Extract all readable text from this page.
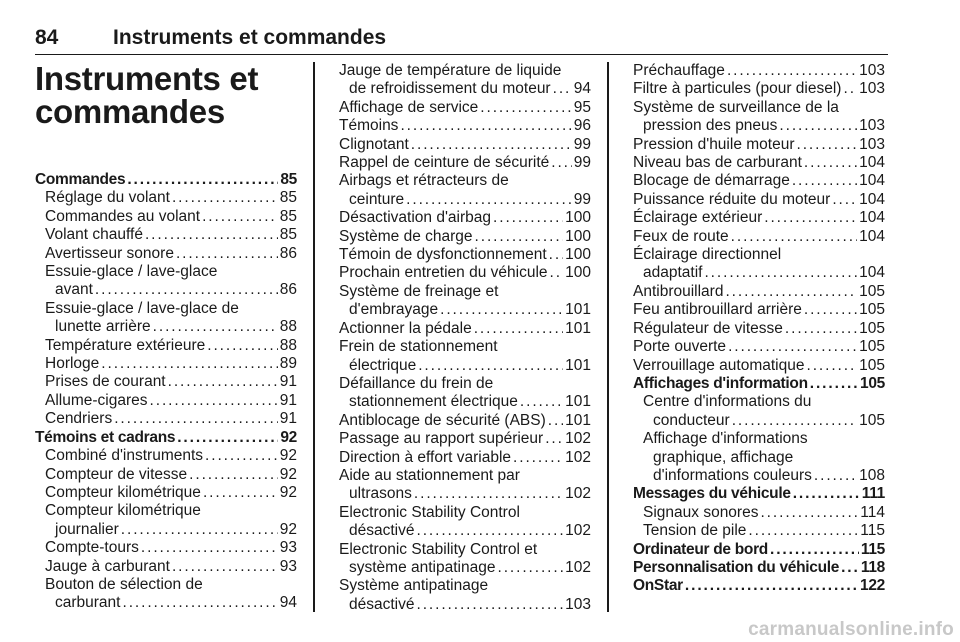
84	Instruments et commandes
Instruments et commandes
Commandes . . .	85
Réglage du volant . . .	85
Commandes au volant . . .	85
Volant chauffé . . .	85
Avertisseur sonore . . .	86
Essuie-glace / lave-glace
avant . . .	86
Essuie-glace / lave-glace de
lunette arrière . . .	88
Température extérieure . . .	88
Horloge . . .	89
Prises de courant . . .	91
Allume-cigares . . .	91
Cendriers . . .	91
Témoins et cadrans . . .	92
Combiné d'instruments . . .	92
Compteur de vitesse . . .	92
Compteur kilométrique . . .	92
Compteur kilométrique
journalier . . .	92
Compte-tours . . .	93
Jauge à carburant . . .	93
Bouton de sélection de
carburant . . .	94
Jauge de température de liquide
de refroidissement du moteur . . . 94
Affichage de service . . .	95
Témoins . . .	96
Clignotant . . .	99
Rappel de ceinture de sécurité . . . 99
Airbags et rétracteurs de
ceinture . . .	99
Désactivation d'airbag . . .	100
Système de charge . . .	100
Témoin de dysfonctionnement . . . 100
Prochain entretien du véhicule . . . 100
Système de freinage et
d'embrayage . . .	101
Actionner la pédale . . .	101
Frein de stationnement
électrique . . .	101
Défaillance du frein de
stationnement électrique . . .	101
Antiblocage de sécurité (ABS) . . . 101
Passage au rapport supérieur . . . 102
Direction à effort variable . . .	102
Aide au stationnement par
ultrasons . . .	102
Electronic Stability Control
désactivé . . .	102
Electronic Stability Control et
système antipatinage . . .	102
Système antipatinage
désactivé . . .	103
Préchauffage . . .	103
Filtre à particules (pour diesel) . . . 103
Système de surveillance de la
pression des pneus . . .	103
Pression d'huile moteur . . .	103
Niveau bas de carburant . . .	104
Blocage de démarrage . . .	104
Puissance réduite du moteur . . . 104
Éclairage extérieur . . .	104
Feux de route . . .	104
Éclairage directionnel
adaptatif . . .	104
Antibrouillard . . .	105
Feu antibrouillard arrière . . .	105
Régulateur de vitesse . . .	105
Porte ouverte . . .	105
Verrouillage automatique . . .	105
Affichages d'information . . .	105
Centre d'informations du
conducteur . . .	105
Affichage d'informations
graphique, affichage
d'informations couleurs . . .	108
Messages du véhicule . . .	111
Signaux sonores . . .	114
Tension de pile . . .	115
Ordinateur de bord . . .	115
Personnalisation du véhicule . . . 118
OnStar . . .	122
carmanualsonline.info
